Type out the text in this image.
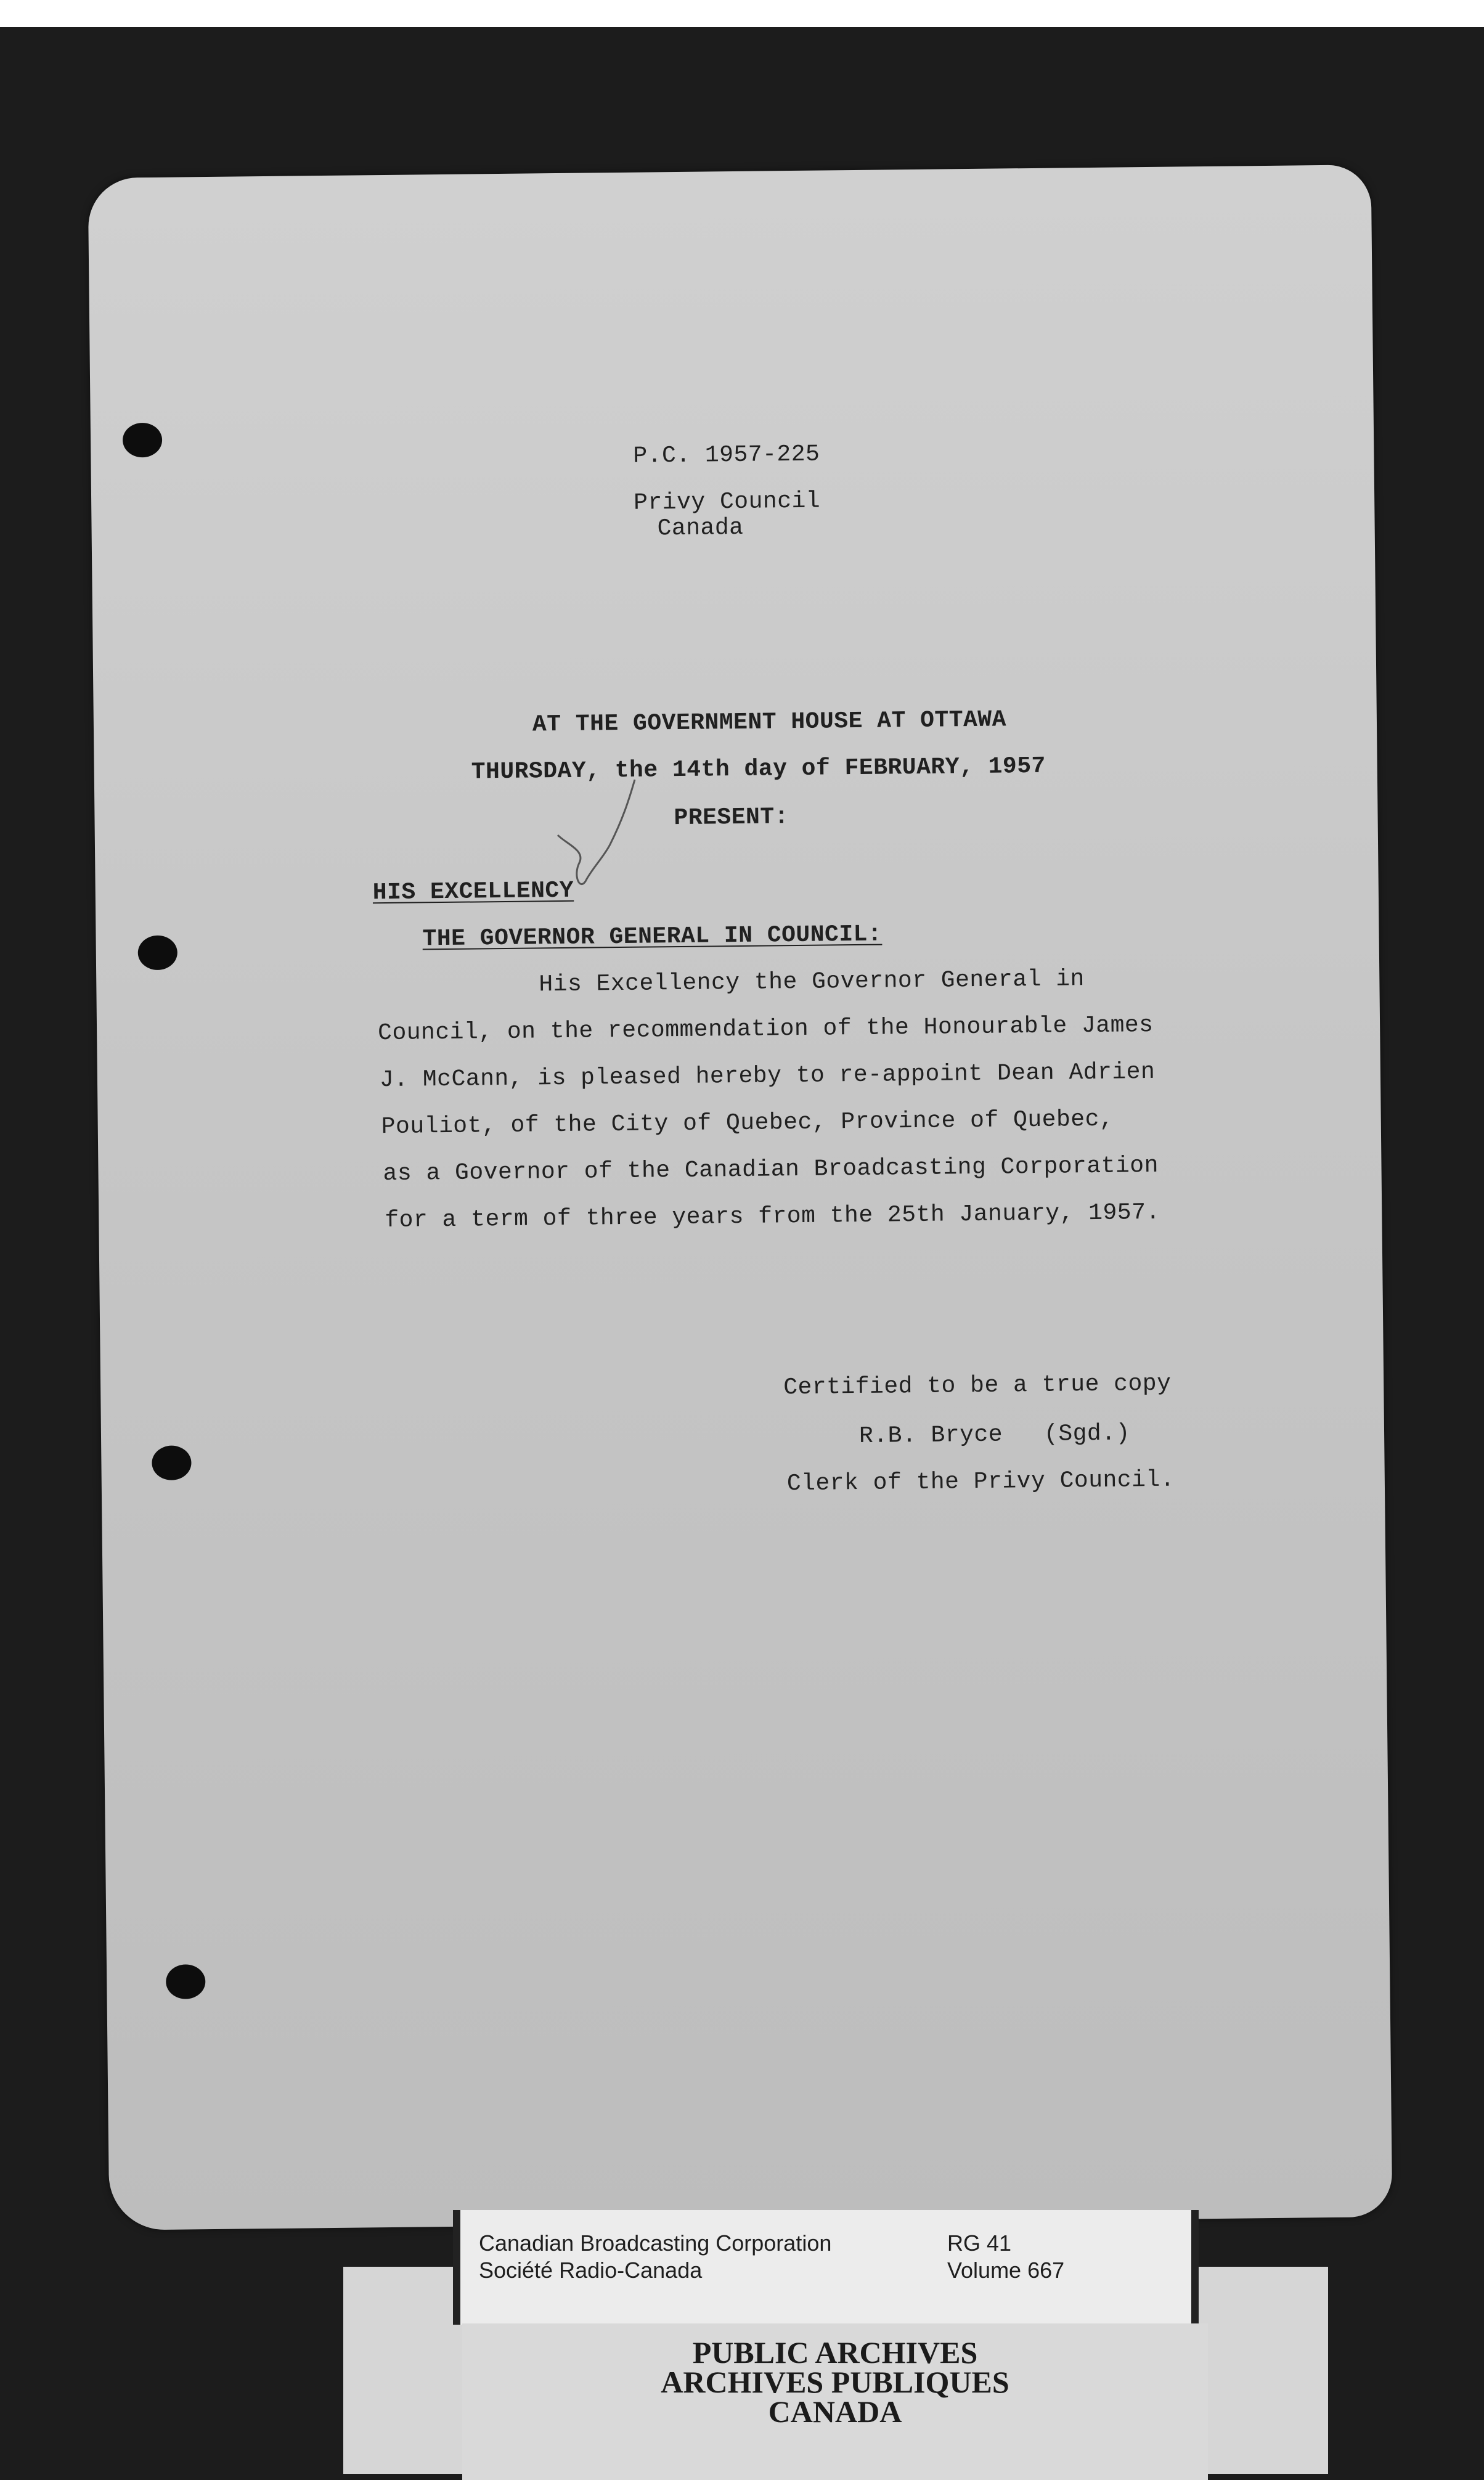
P.C. 1957-225
Privy Council
Canada
AT THE GOVERNMENT HOUSE AT OTTAWA
THURSDAY, the 14th day of FEBRUARY, 1957
PRESENT:
HIS EXCELLENCY
THE GOVERNOR GENERAL IN COUNCIL:
His Excellency the Governor General in
Council, on the recommendation of the Honourable James
J. McCann, is pleased hereby to re-appoint Dean Adrien
Pouliot, of the City of Quebec, Province of Quebec,
as a Governor of the Canadian Broadcasting Corporation
for a term of three years from the 25th January, 1957.
Certified to be a true copy
R.B. Bryce (Sgd.)
Clerk of the Privy Council.
Canadian Broadcasting Corporation
Société Radio-Canada
RG 41
Volume 667
PUBLIC ARCHIVES
ARCHIVES PUBLIQUES
CANADA
